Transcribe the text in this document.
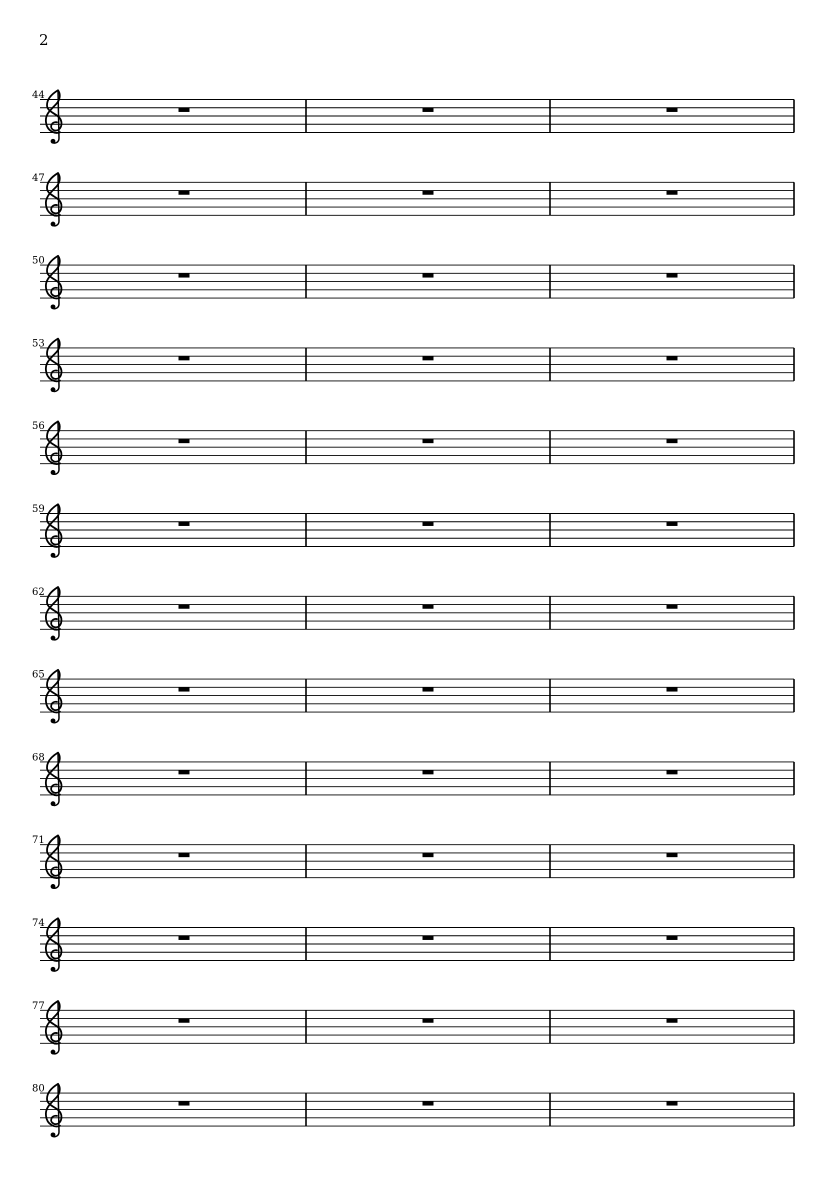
2
44
47
50
53
56
59
62
65
68
71
74
77
80
